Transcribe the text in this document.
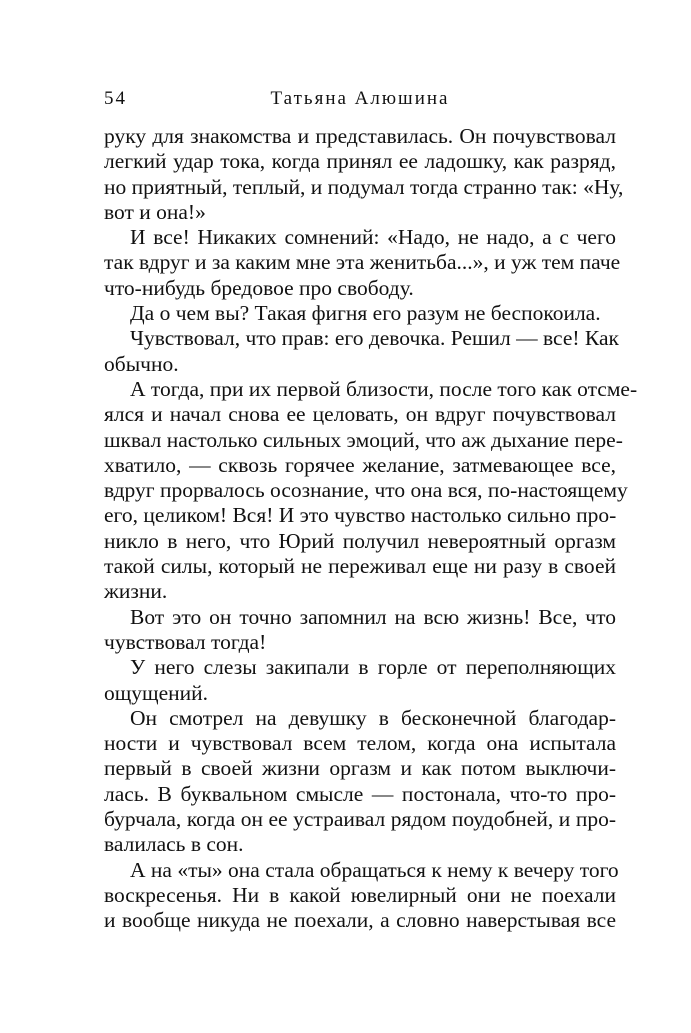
54	Татьяна Алюшина
руку для знакомства и представилась. Он почувствовал
легкий удар тока, когда принял ее ладошку, как разряд,
но приятный, теплый, и подумал тогда странно так: «Ну,
вот и она!»
И все! Никаких сомнений: «Надо, не надо, а с чего
так вдруг и за каким мне эта женитьба...», и уж тем паче
что-нибудь бредовое про свободу.
Да о чем вы? Такая фигня его разум не беспокоила.
Чувствовал, что прав: его девочка. Решил — все! Как
обычно.
А тогда, при их первой близости, после того как отсме-
ялся и начал снова ее целовать, он вдруг почувствовал
шквал настолько сильных эмоций, что аж дыхание пере-
хватило, — сквозь горячее желание, затмевающее все,
вдруг прорвалось осознание, что она вся, по-настоящему
его, целиком! Вся! И это чувство настолько сильно про-
никло в него, что Юрий получил невероятный оргазм
такой силы, который не переживал еще ни разу в своей
жизни.
Вот это он точно запомнил на всю жизнь! Все, что
чувствовал тогда!
У него слезы закипали в горле от переполняющих
ощущений.
Он смотрел на девушку в бесконечной благодар-
ности и чувствовал всем телом, когда она испытала
первый в своей жизни оргазм и как потом выключи-
лась. В буквальном смысле — постонала, что-то про-
бурчала, когда он ее устраивал рядом поудобней, и про-
валилась в сон.
А на «ты» она стала обращаться к нему к вечеру того
воскресенья. Ни в какой ювелирный они не поехали
и вообще никуда не поехали, а словно наверстывая все
